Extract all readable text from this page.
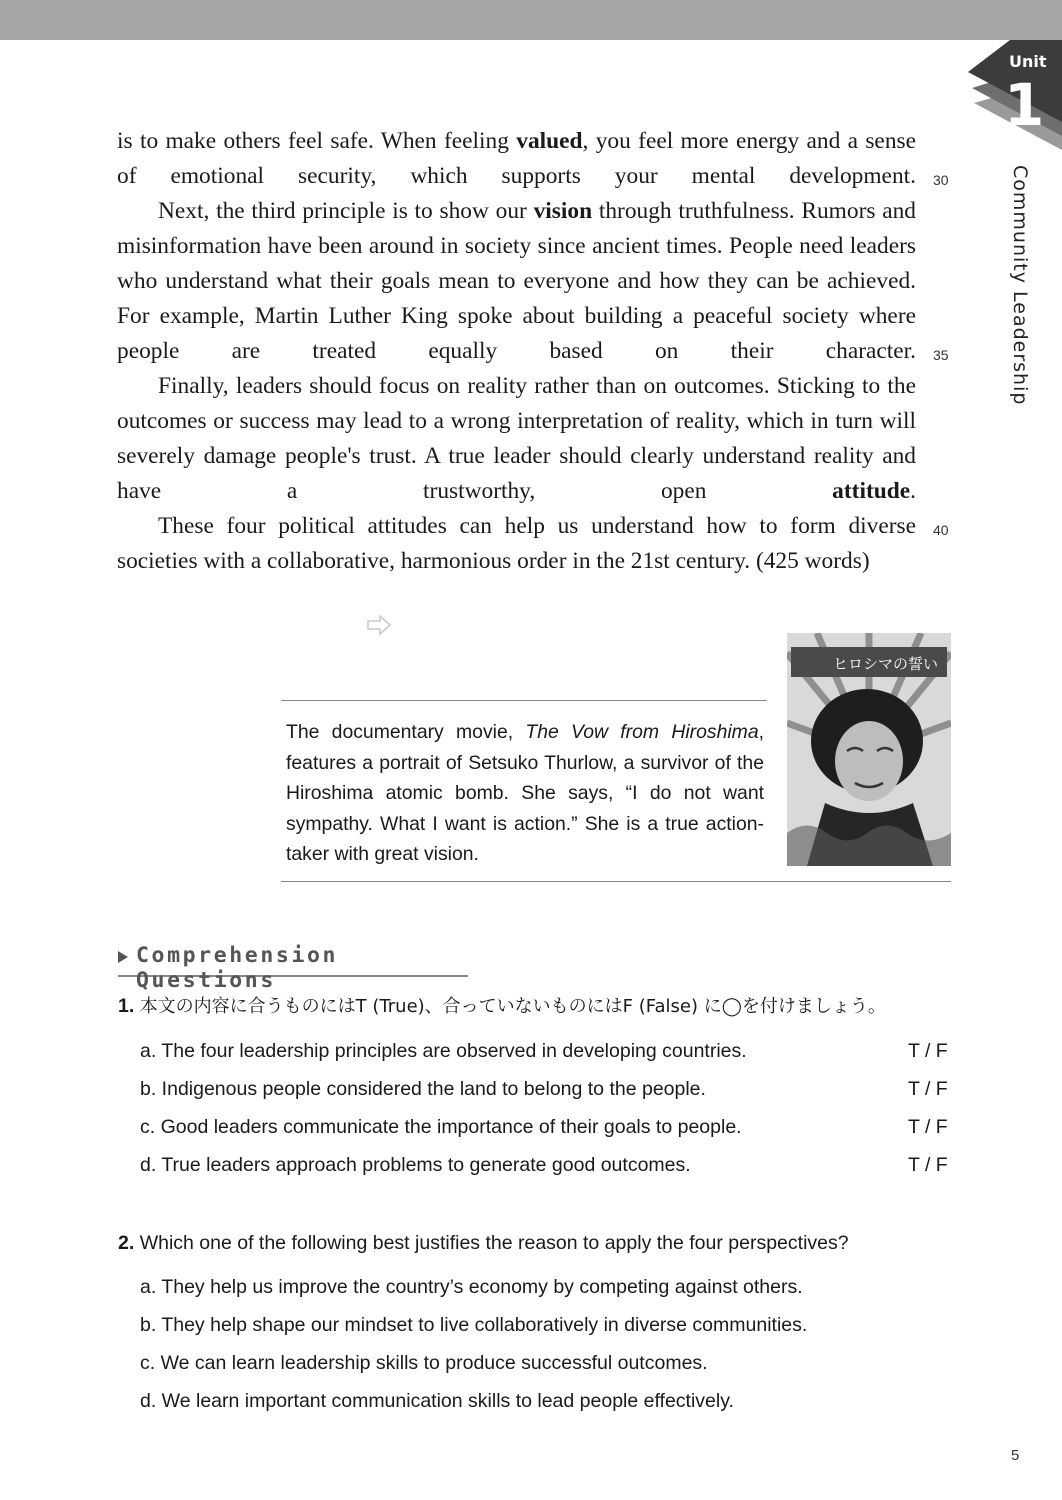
Unit
1
Community Leadership

is to make others feel safe. When feeling valued, you feel more energy and a sense of emotional security, which supports your mental development.

Next, the third principle is to show our vision through truthfulness. Rumors and misinformation have been around in society since ancient times. People need leaders who understand what their goals mean to everyone and how they can be achieved. For example, Martin Luther King spoke about building a peaceful society where people are treated equally based on their character.

Finally, leaders should focus on reality rather than on outcomes. Sticking to the outcomes or success may lead to a wrong interpretation of reality, which in turn will severely damage people's trust. A true leader should clearly understand reality and have a trustworthy, open attitude.

These four political attitudes can help us understand how to form diverse societies with a collaborative, harmonious order in the 21st century. (425 words)

30
35
40
The documentary movie, The Vow from Hiroshima, features a portrait of Setsuko Thurlow, a survivor of the Hiroshima atomic bomb. She says, “I do not want sympathy. What I want is action.” She is a true action-taker with great vision.
ヒロシマの誓い
Comprehension Questions
1. 本文の内容に合うものにはT (True)、合っていないものにはF (False) に◯を付けましょう。
a. The four leadership principles are observed in developing countries.	T / F
b. Indigenous people considered the land to belong to the people.	T / F
c. Good leaders communicate the importance of their goals to people.	T / F
d. True leaders approach problems to generate good outcomes.	T / F
2. Which one of the following best justifies the reason to apply the four perspectives?
a. They help us improve the country’s economy by competing against others.
b. They help shape our mindset to live collaboratively in diverse communities.
c. We can learn leadership skills to produce successful outcomes.
d. We learn important communication skills to lead people effectively.
5
